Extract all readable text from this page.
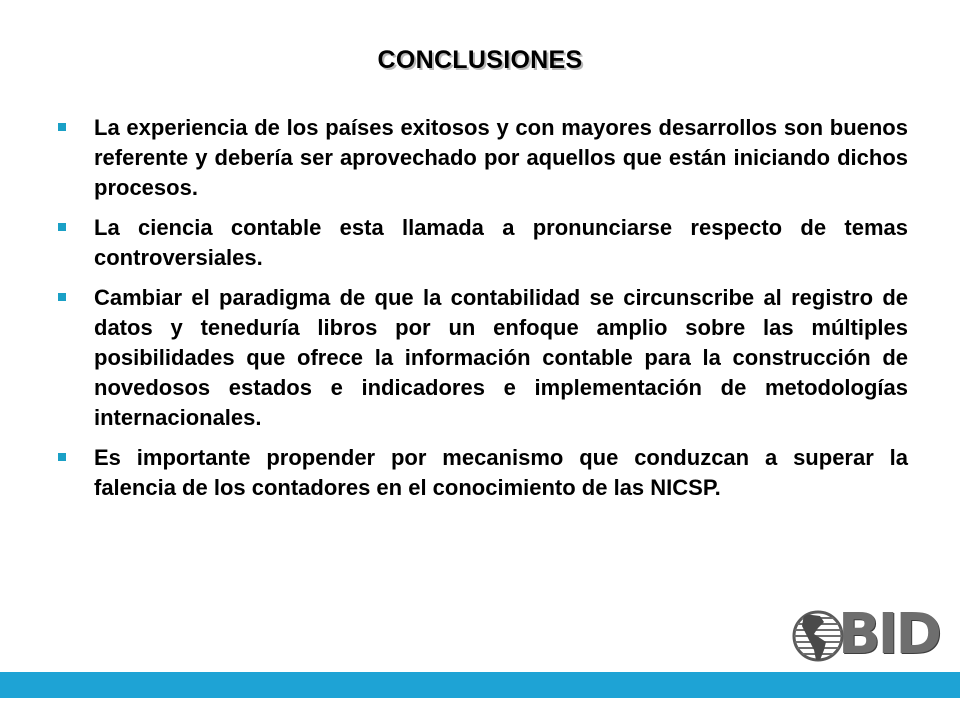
CONCLUSIONES
La experiencia de los países exitosos y con mayores desarrollos son buenos referente y debería ser aprovechado por aquellos que están iniciando dichos procesos.
La ciencia contable esta llamada a pronunciarse respecto de temas controversiales.
Cambiar el paradigma de que la contabilidad se circunscribe al registro de datos y teneduría libros por un enfoque amplio sobre las múltiples posibilidades que ofrece la información contable para la construcción de novedosos estados e indicadores e implementación de metodologías internacionales.
Es importante propender por mecanismo que conduzcan a superar la falencia de los contadores en el conocimiento de las NICSP.
BID
